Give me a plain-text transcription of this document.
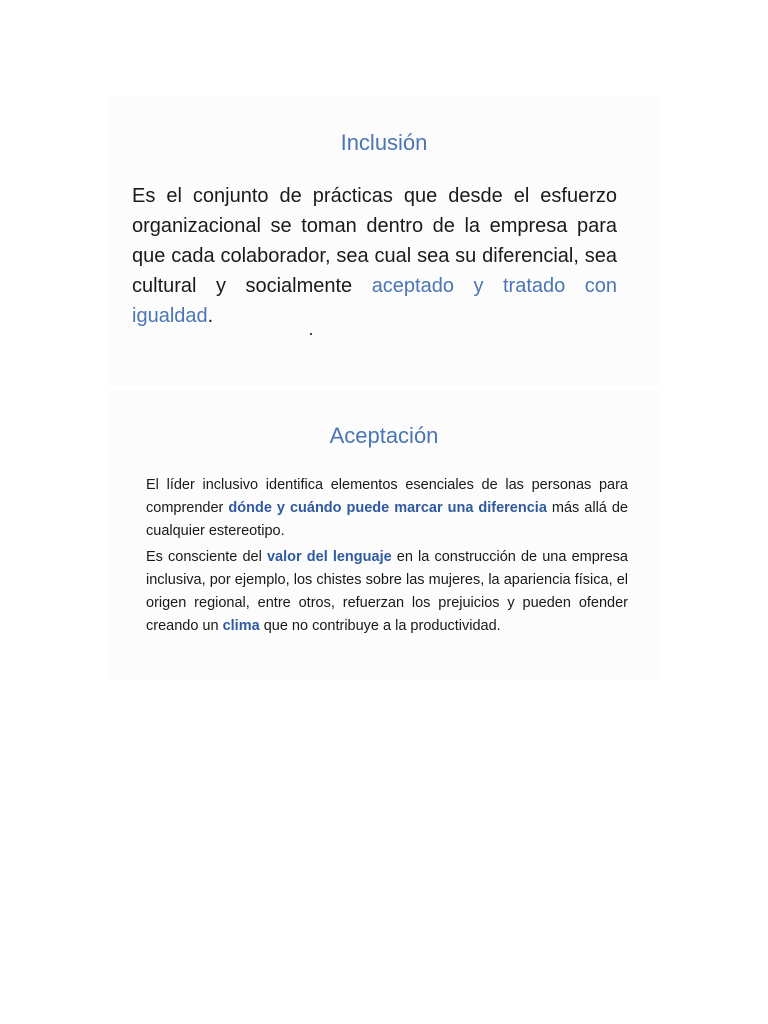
Inclusión

Es el conjunto de prácticas que desde el esfuerzo organizacional se toman dentro de la empresa para que cada colaborador, sea cual sea su diferencial, sea cultural y socialmente aceptado y tratado con igualdad.

Aceptación

El líder inclusivo identifica elementos esenciales de las personas para comprender dónde y cuándo puede marcar una diferencia más allá de cualquier estereotipo.

Es consciente del valor del lenguaje en la construcción de una empresa inclusiva, por ejemplo, los chistes sobre las mujeres, la apariencia física, el origen regional, entre otros, refuerzan los prejuicios y pueden ofender creando un clima que no contribuye a la productividad.
